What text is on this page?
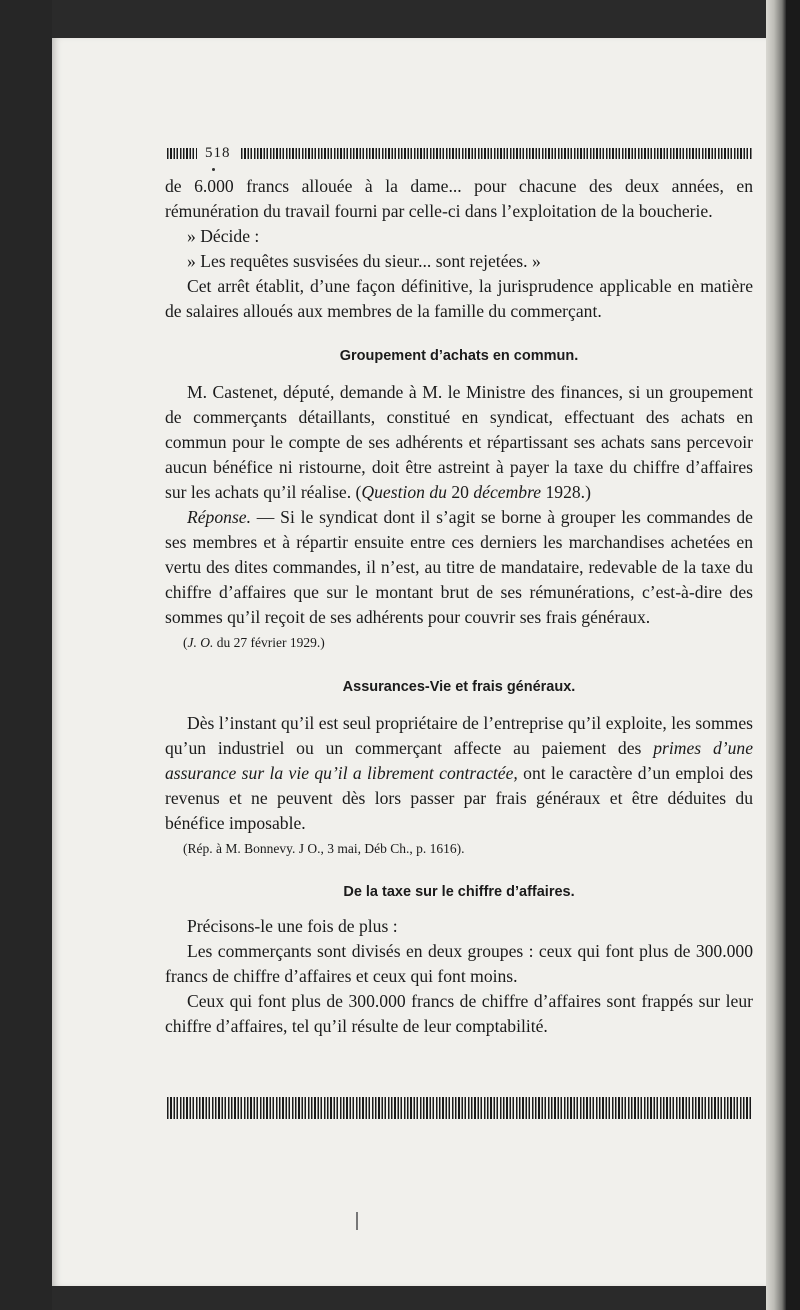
518

de 6.000 francs allouée à la dame... pour chacune des deux années, en rémunération du travail fourni par celle-ci dans l’exploitation de la boucherie.

» Décide :

» Les requêtes susvisées du sieur... sont rejetées. »

Cet arrêt établit, d’une façon définitive, la jurisprudence applicable en matière de salaires alloués aux membres de la famille du commerçant.

Groupement d’achats en commun.

M. Castenet, député, demande à M. le Ministre des finances, si un groupement de commerçants détaillants, constitué en syndicat, effectuant des achats en commun pour le compte de ses adhérents et répartissant ses achats sans percevoir aucun bénéfice ni ristourne, doit être astreint à payer la taxe du chiffre d’affaires sur les achats qu’il réalise. (Question du 20 décembre 1928.)

Réponse. — Si le syndicat dont il s’agit se borne à grouper les commandes de ses membres et à répartir ensuite entre ces derniers les marchandises achetées en vertu des dites commandes, il n’est, au titre de mandataire, redevable de la taxe du chiffre d’affaires que sur le montant brut de ses rémunérations, c’est-à-dire des sommes qu’il reçoit de ses adhérents pour couvrir ses frais généraux.

(J. O. du 27 février 1929.)

Assurances-Vie et frais généraux.

Dès l’instant qu’il est seul propriétaire de l’entreprise qu’il exploite, les sommes qu’un industriel ou un commerçant affecte au paiement des primes d’une assurance sur la vie qu’il a librement contractée, ont le caractère d’un emploi des revenus et ne peuvent dès lors passer par frais généraux et être déduites du bénéfice imposable.

(Rép. à M. Bonnevy. J O., 3 mai, Déb Ch., p. 1616).

De la taxe sur le chiffre d’affaires.

Précisons-le une fois de plus :

Les commerçants sont divisés en deux groupes : ceux qui font plus de 300.000 francs de chiffre d’affaires et ceux qui font moins.

Ceux qui font plus de 300.000 francs de chiffre d’affaires sont frappés sur leur chiffre d’affaires, tel qu’il résulte de leur comptabilité.
